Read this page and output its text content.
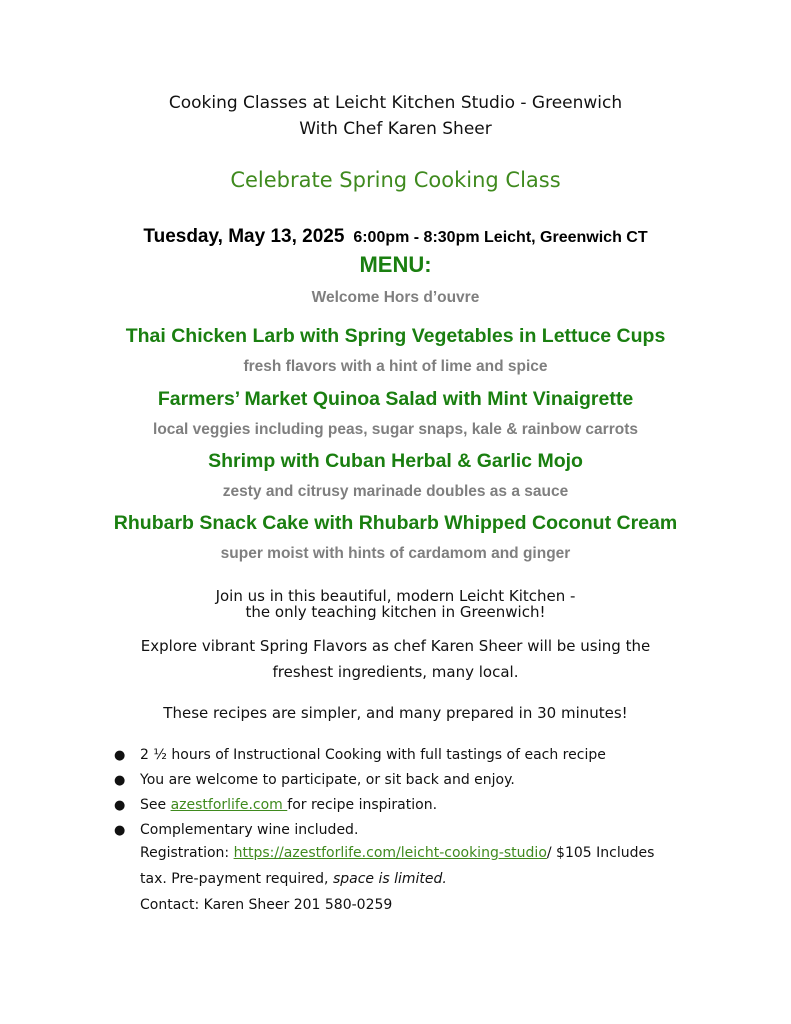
Cooking Classes at Leicht Kitchen Studio - Greenwich
With Chef Karen Sheer
Celebrate Spring Cooking Class
Tuesday, May 13, 2025 6:00pm - 8:30pm Leicht, Greenwich CT
MENU:
Welcome Hors d’ouvre
Thai Chicken Larb with Spring Vegetables in Lettuce Cups
fresh flavors with a hint of lime and spice
Farmers’ Market Quinoa Salad with Mint Vinaigrette
local veggies including peas, sugar snaps, kale & rainbow carrots
Shrimp with Cuban Herbal & Garlic Mojo
zesty and citrusy marinade doubles as a sauce
Rhubarb Snack Cake with Rhubarb Whipped Coconut Cream
super moist with hints of cardamom and ginger
Join us in this beautiful, modern Leicht Kitchen -
the only teaching kitchen in Greenwich!
Explore vibrant Spring Flavors as chef Karen Sheer will be using the
freshest ingredients, many local.
These recipes are simpler, and many prepared in 30 minutes!
● 2 ½ hours of Instructional Cooking with full tastings of each recipe
● You are welcome to participate, or sit back and enjoy.
● See azestforlife.com for recipe inspiration.
● Complementary wine included.
Registration: https://azestforlife.com/leicht-cooking-studio/ $105 Includes
tax. Pre-payment required, space is limited.
Contact: Karen Sheer 201 580-0259
